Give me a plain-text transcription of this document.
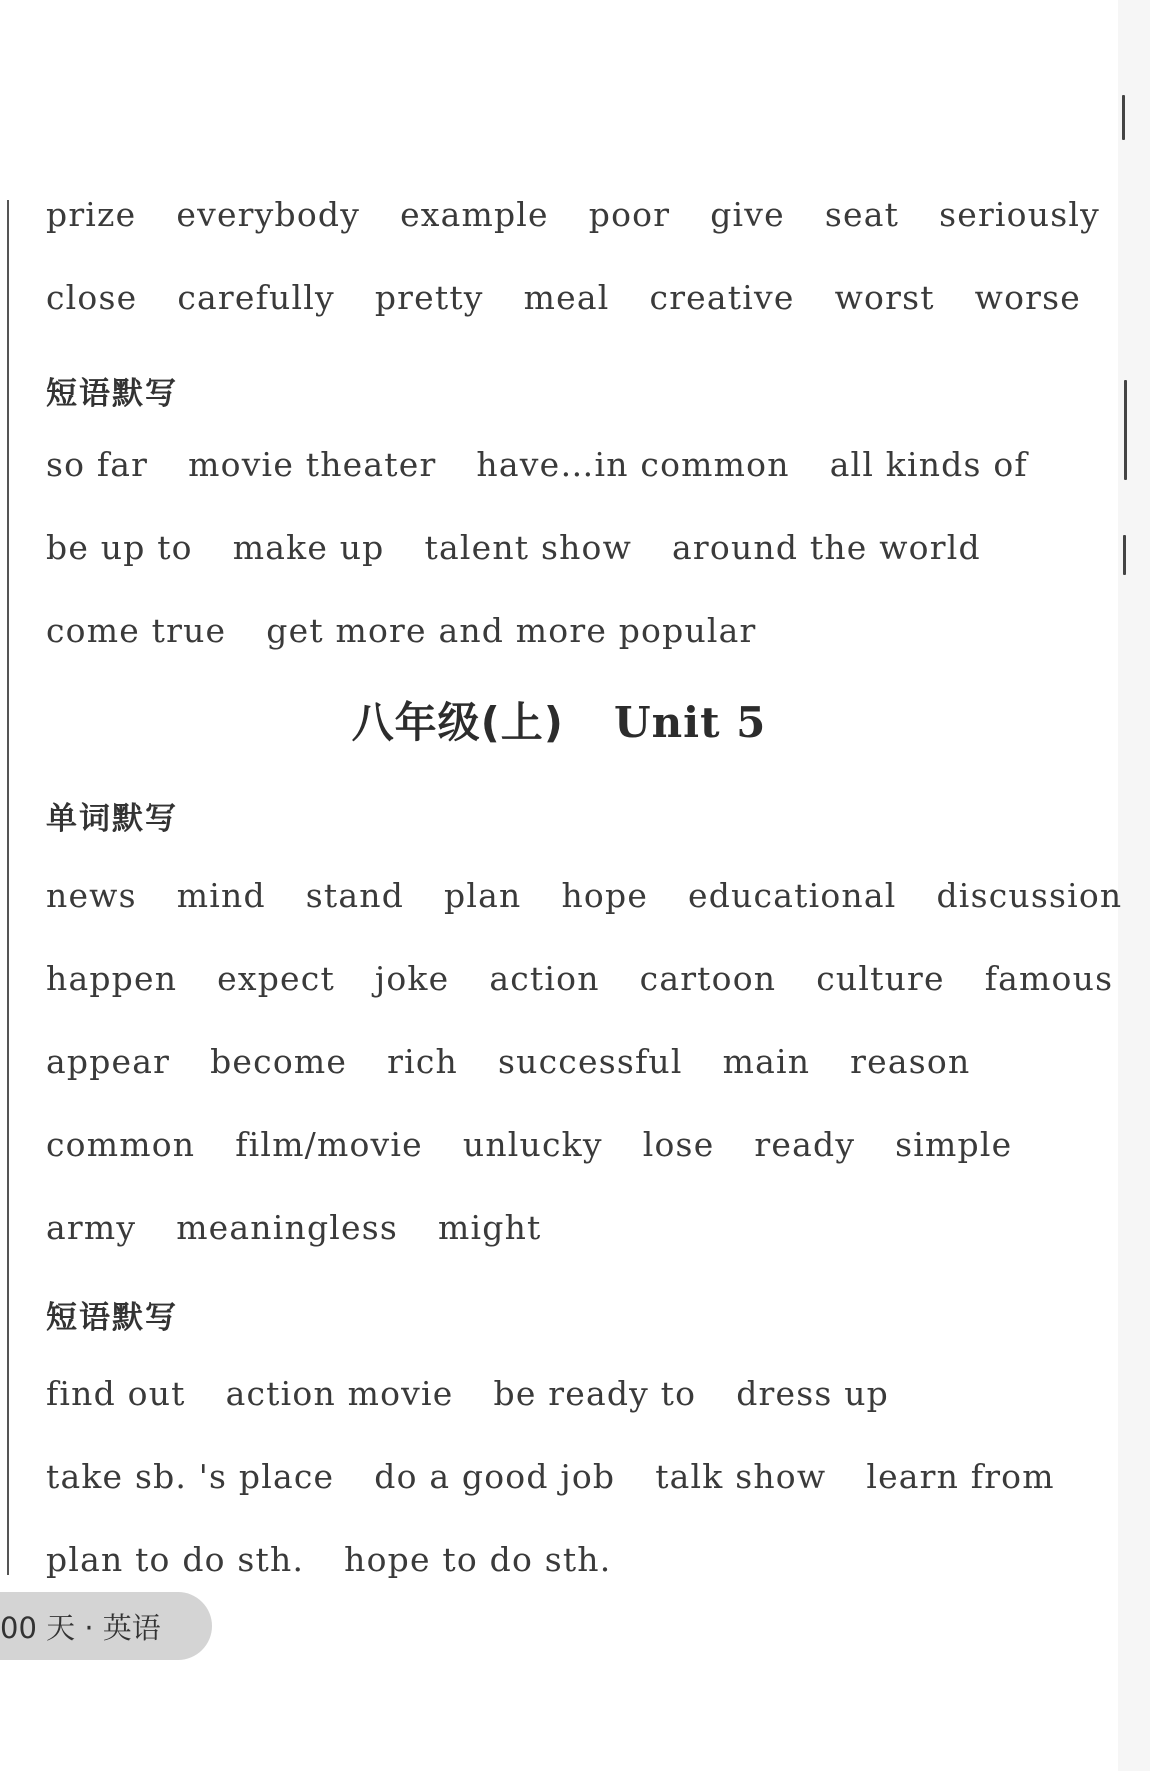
prize everybody example poor give seat seriously
close carefully pretty meal creative worst worse
短语默写
so far movie theater have…in common all kinds of
be up to make up talent show around the world
come true get more and more popular
八年级(上) Unit 5
单词默写
news mind stand plan hope educational discussion
happen expect joke action cartoon culture famous
appear become rich successful main reason
common film/movie unlucky lose ready simple
army meaningless might
短语默写
find out action movie be ready to dress up
take sb. 's place do a good job talk show learn from
plan to do sth. hope to do sth.
00 天 · 英语
